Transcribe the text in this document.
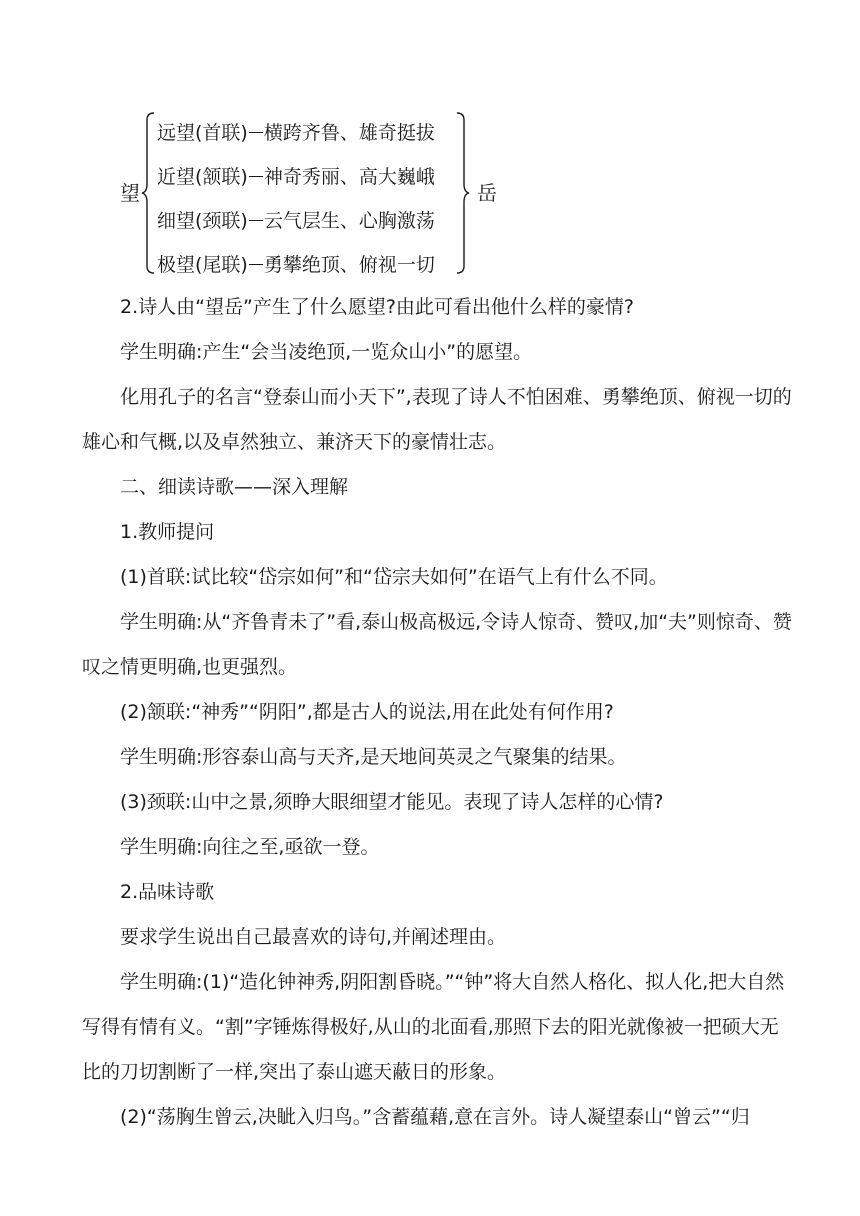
望
远望(首联) 横跨齐鲁、雄奇挺拔
近望(颔联) 神奇秀丽、高大巍峨
细望(颈联) 云气层生、心胸激荡
极望(尾联) 勇攀绝顶、俯视一切
岳

2.诗人由“望岳”产生了什么愿望?由此可看出他什么样的豪情?

学生明确:产生“会当凌绝顶,一览众山小”的愿望。

化用孔子的名言“登泰山而小天下”,表现了诗人不怕困难、勇攀绝顶、俯视一切的雄心和气概,以及卓然独立、兼济天下的豪情壮志。

二、细读诗歌——深入理解

1.教师提问

(1)首联:试比较“岱宗如何”和“岱宗夫如何”在语气上有什么不同。

学生明确:从“齐鲁青未了”看,泰山极高极远,令诗人惊奇、赞叹,加“夫”则惊奇、赞叹之情更明确,也更强烈。

(2)颔联:“神秀”“阴阳”,都是古人的说法,用在此处有何作用?

学生明确:形容泰山高与天齐,是天地间英灵之气聚集的结果。

(3)颈联:山中之景,须睁大眼细望才能见。表现了诗人怎样的心情?

学生明确:向往之至,亟欲一登。

2.品味诗歌

要求学生说出自己最喜欢的诗句,并阐述理由。

学生明确:(1)“造化钟神秀,阴阳割昏晓。”“钟”将大自然人格化、拟人化,把大自然写得有情有义。“割”字锤炼得极好,从山的北面看,那照下去的阳光就像被一把硕大无比的刀切割断了一样,突出了泰山遮天蔽日的形象。

(2)“荡胸生曾云,决眦入归鸟。”含蓄蕴藉,意在言外。诗人凝望泰山“曾云”“归
